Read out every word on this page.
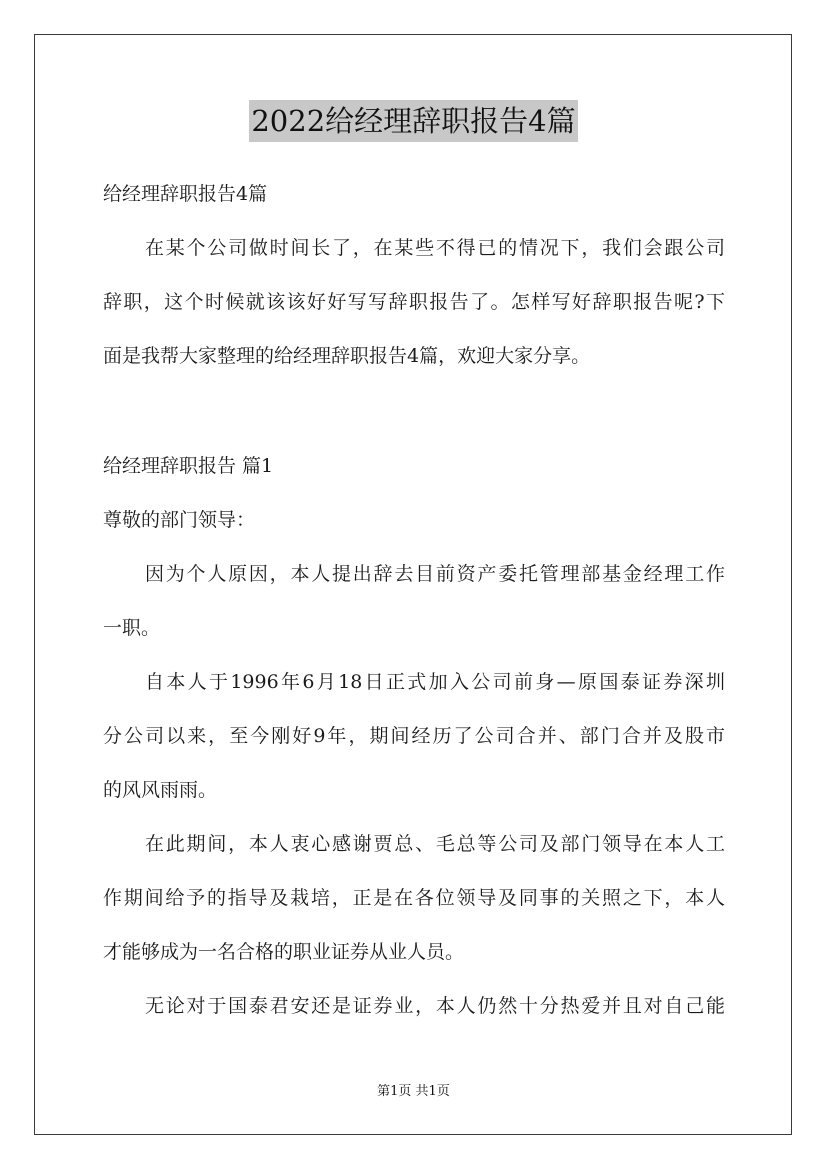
2022给经理辞职报告4篇
给经理辞职报告4篇
在某个公司做时间长了，在某些不得已的情况下，我们会跟公司
辞职，这个时候就该该好好写写辞职报告了。怎样写好辞职报告呢?下
面是我帮大家整理的给经理辞职报告4篇，欢迎大家分享。
给经理辞职报告 篇1
尊敬的部门领导：
因为个人原因，本人提出辞去目前资产委托管理部基金经理工作
一职。
自本人于1996年6月18日正式加入公司前身—原国泰证券深圳
分公司以来，至今刚好9年，期间经历了公司合并、部门合并及股市
的风风雨雨。
在此期间，本人衷心感谢贾总、毛总等公司及部门领导在本人工
作期间给予的指导及栽培，正是在各位领导及同事的关照之下，本人
才能够成为一名合格的职业证券从业人员。
无论对于国泰君安还是证券业，本人仍然十分热爱并且对自己能
第1页 共1页
